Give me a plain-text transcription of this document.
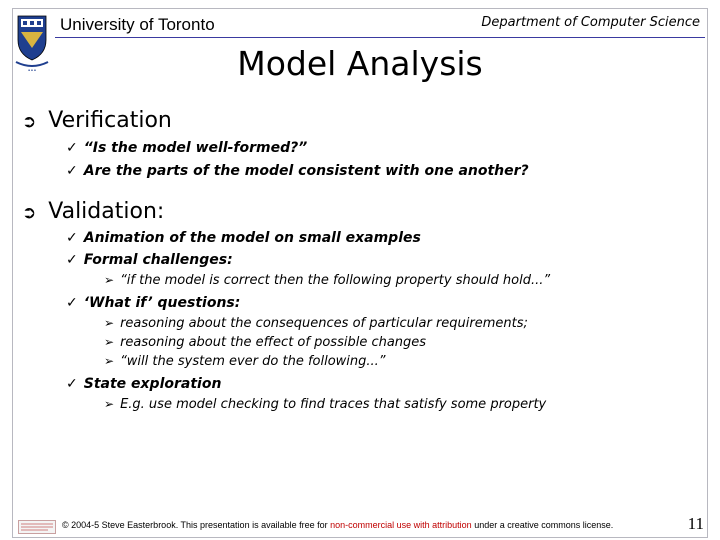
•••
University of Toronto	Department of Computer Science
Model Analysis
➲ Verification
✓ “Is the model well-formed?”
✓ Are the parts of the model consistent with one another?
➲ Validation:
✓ Animation of the model on small examples
✓ Formal challenges:
➢ “if the model is correct then the following property should hold...”
✓ ‘What if’ questions:
➢ reasoning about the consequences of particular requirements;
➢ reasoning about the effect of possible changes
➢ “will the system ever do the following...”
✓ State exploration
➢ E.g. use model checking to find traces that satisfy some property
© 2004-5 Steve Easterbrook. This presentation is available free for non-commercial use with attribution under a creative commons license.	11
